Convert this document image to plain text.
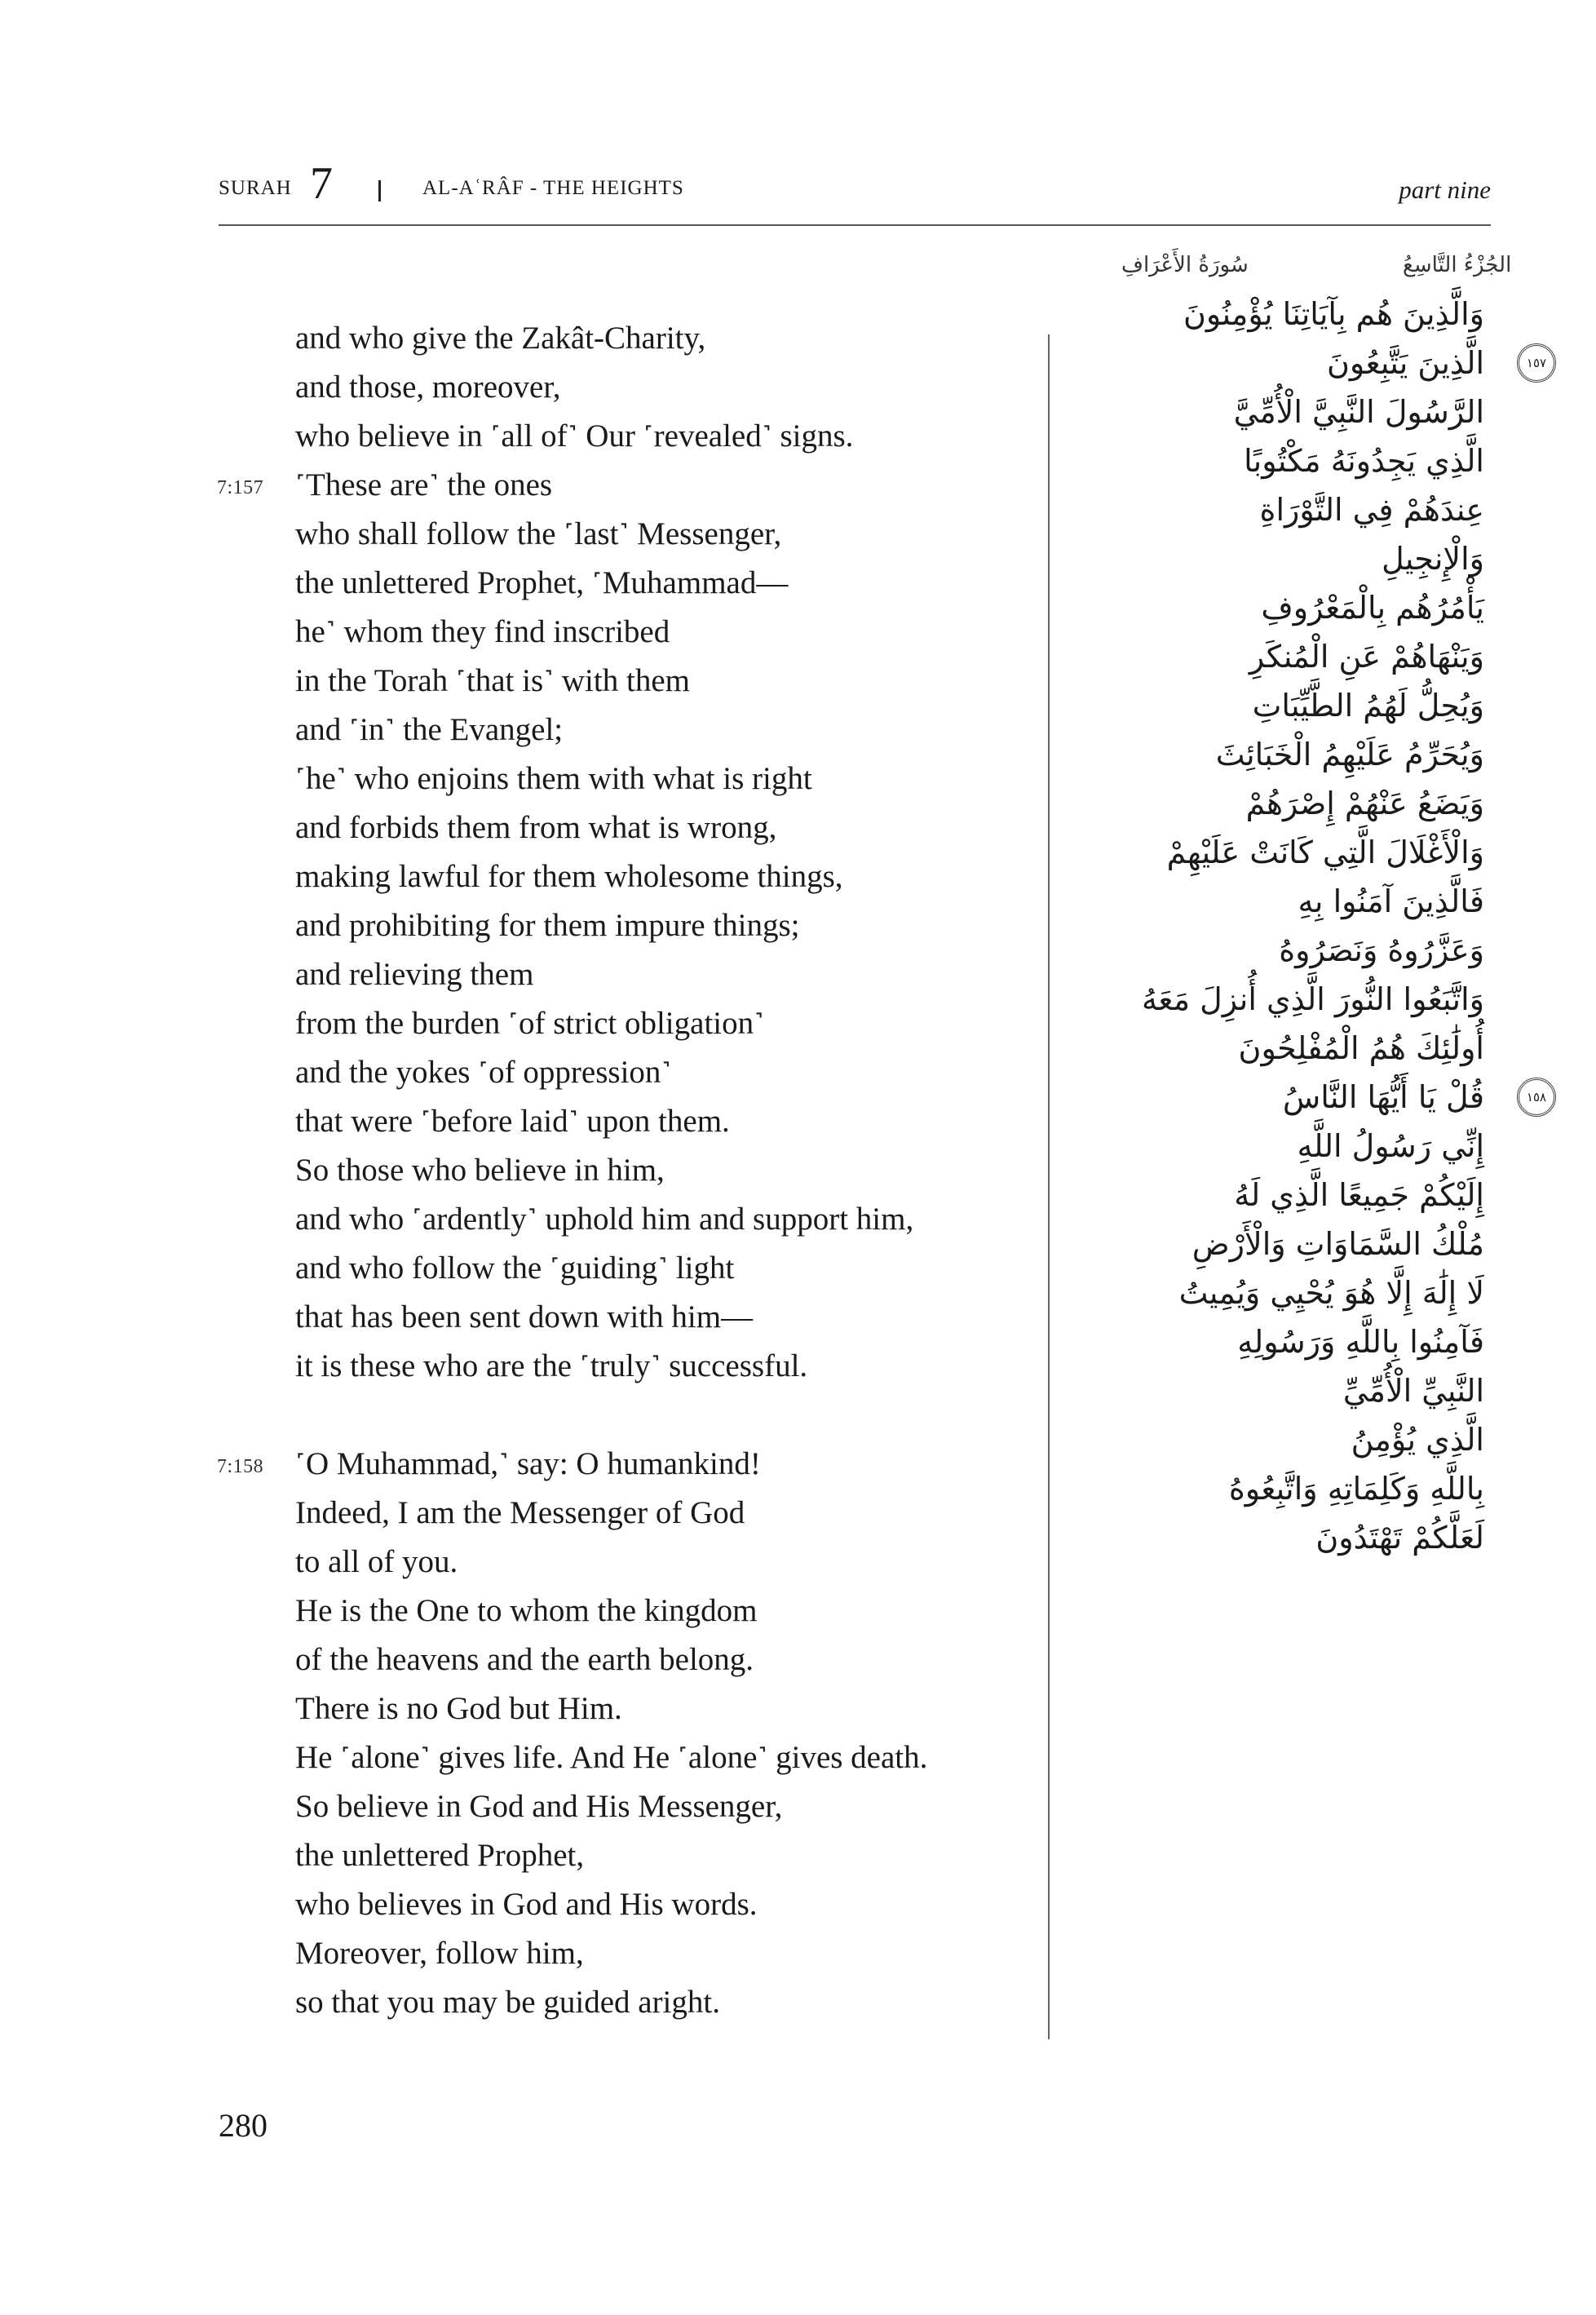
SURAH 7	AL-AʿRÂF - THE HEIGHTS	part nine
سُورَةُ الأَعْرَافِ	الجُزْءُ التَّاسِعُ
and who give the Zakât-Charity,
and those, moreover,
who believe in ˹all of˺ Our ˹revealed˺ signs.
˹These are˺ the ones
7:157
who shall follow the ˹last˺ Messenger,
the unlettered Prophet, ˹Muhammad—
he˺ whom they find inscribed
in the Torah ˹that is˺ with them
and ˹in˺ the Evangel;
˹he˺ who enjoins them with what is right
and forbids them from what is wrong,
making lawful for them wholesome things,
and prohibiting for them impure things;
and relieving them
from the burden ˹of strict obligation˺
and the yokes ˹of oppression˺
that were ˹before laid˺ upon them.
So those who believe in him,
and who ˹ardently˺ uphold him and support him,
and who follow the ˹guiding˺ light
that has been sent down with him—
it is these who are the ˹truly˺ successful.
˹O Muhammad,˺ say: O humankind!
7:158
Indeed, I am the Messenger of God
to all of you.
He is the One to whom the kingdom
of the heavens and the earth belong.
There is no God but Him.
He ˹alone˺ gives life. And He ˹alone˺ gives death.
So believe in God and His Messenger,
the unlettered Prophet,
who believes in God and His words.
Moreover, follow him,
so that you may be guided aright.
وَالَّذِينَ هُم بِآيَاتِنَا يُؤْمِنُونَ
الَّذِينَ يَتَّبِعُونَ	١٥٧
الرَّسُولَ النَّبِيَّ الْأُمِّيَّ
الَّذِي يَجِدُونَهُ مَكْتُوبًا
عِندَهُمْ فِي التَّوْرَاةِ
وَالْإِنجِيلِ
يَأْمُرُهُم بِالْمَعْرُوفِ
وَيَنْهَاهُمْ عَنِ الْمُنكَرِ
وَيُحِلُّ لَهُمُ الطَّيِّبَاتِ
وَيُحَرِّمُ عَلَيْهِمُ الْخَبَائِثَ
وَيَضَعُ عَنْهُمْ إِصْرَهُمْ
وَالْأَغْلَالَ الَّتِي كَانَتْ عَلَيْهِمْ
فَالَّذِينَ آمَنُوا بِهِ
وَعَزَّرُوهُ وَنَصَرُوهُ
وَاتَّبَعُوا النُّورَ الَّذِي أُنزِلَ مَعَهُ
أُولَٰئِكَ هُمُ الْمُفْلِحُونَ
قُلْ يَا أَيُّهَا النَّاسُ	١٥٨
إِنِّي رَسُولُ اللَّهِ
إِلَيْكُمْ جَمِيعًا الَّذِي لَهُ
مُلْكُ السَّمَاوَاتِ وَالْأَرْضِ
لَا إِلَٰهَ إِلَّا هُوَ يُحْيِي وَيُمِيتُ
فَآمِنُوا بِاللَّهِ وَرَسُولِهِ
النَّبِيِّ الْأُمِّيِّ
الَّذِي يُؤْمِنُ
بِاللَّهِ وَكَلِمَاتِهِ وَاتَّبِعُوهُ
لَعَلَّكُمْ تَهْتَدُونَ
280
